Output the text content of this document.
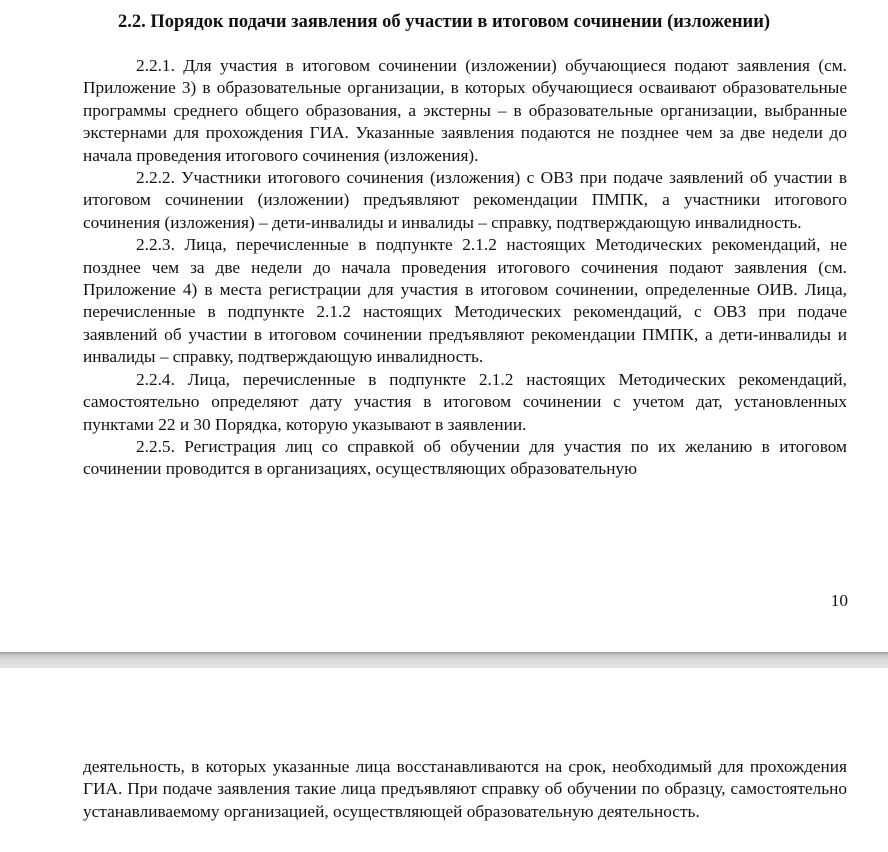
2.2. Порядок подачи заявления об участии в итоговом сочинении (изложении)

2.2.1. Для участия в итоговом сочинении (изложении) обучающиеся подают заявления (см. Приложение 3) в образовательные организации, в которых обучающиеся осваивают образовательные программы среднего общего образования, а экстерны – в образовательные организации, выбранные экстернами для прохождения ГИА. Указанные заявления подаются не позднее чем за две недели до начала проведения итогового сочинения (изложения).

2.2.2. Участники итогового сочинения (изложения) с ОВЗ при подаче заявлений об участии в итоговом сочинении (изложении) предъявляют рекомендации ПМПК, а участники итогового сочинения (изложения) – дети-инвалиды и инвалиды – справку, подтверждающую инвалидность.

2.2.3. Лица, перечисленные в подпункте 2.1.2 настоящих Методических рекомендаций, не позднее чем за две недели до начала проведения итогового сочинения подают заявления (см. Приложение 4) в места регистрации для участия в итоговом сочинении, определенные ОИВ. Лица, перечисленные в подпункте 2.1.2 настоящих Методических рекомендаций, с ОВЗ при подаче заявлений об участии в итоговом сочинении предъявляют рекомендации ПМПК, а дети-инвалиды и инвалиды – справку, подтверждающую инвалидность.

2.2.4. Лица, перечисленные в подпункте 2.1.2 настоящих Методических рекомендаций, самостоятельно определяют дату участия в итоговом сочинении с учетом дат, установленных пунктами 22 и 30 Порядка, которую указывают в заявлении.

2.2.5. Регистрация лиц со справкой об обучении для участия по их желанию в итоговом сочинении проводится в организациях, осуществляющих образовательную

10

деятельность, в которых указанные лица восстанавливаются на срок, необходимый для прохождения ГИА. При подаче заявления такие лица предъявляют справку об обучении по образцу, самостоятельно устанавливаемому организацией, осуществляющей образовательную деятельность.
